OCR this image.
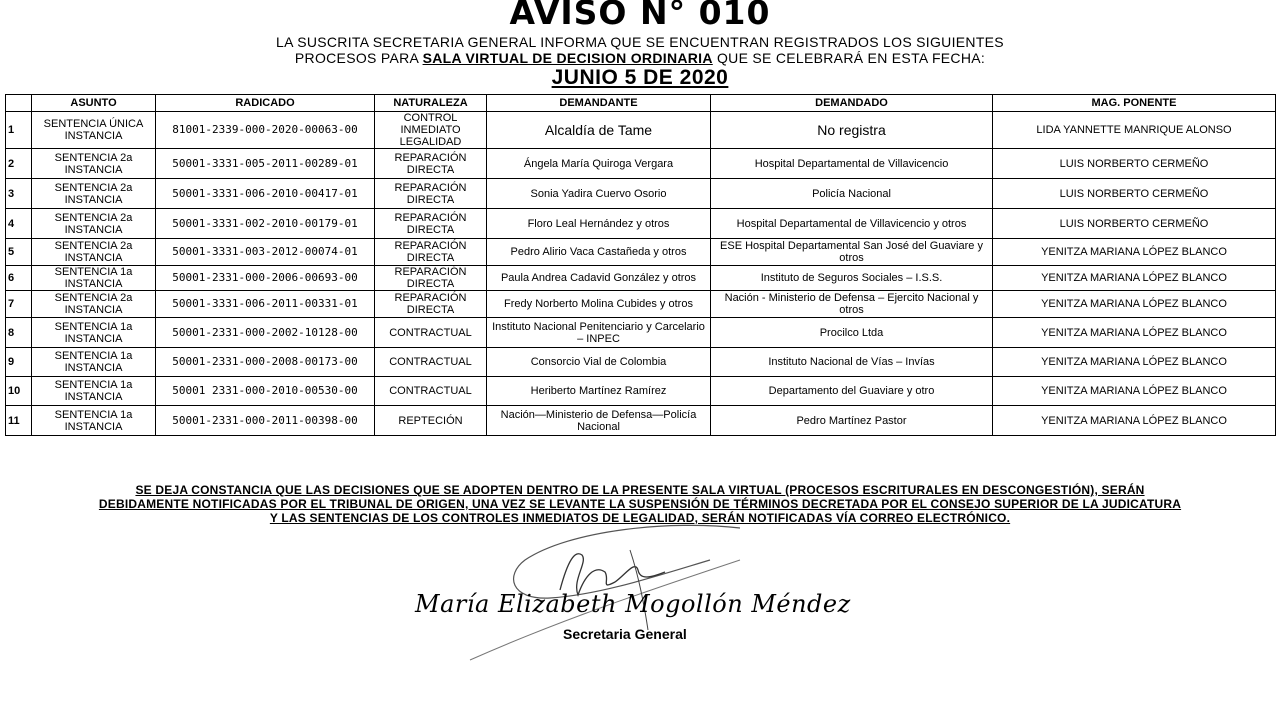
AVISO N° 010
LA SUSCRITA SECRETARIA GENERAL INFORMA QUE SE ENCUENTRAN REGISTRADOS LOS SIGUIENTES
PROCESOS PARA SALA VIRTUAL DE DECISION ORDINARIA QUE SE CELEBRARÁ EN ESTA FECHA:
JUNIO 5 DE 2020
	ASUNTO	RADICADO	NATURALEZA	DEMANDANTE	DEMANDADO	MAG. PONENTE
1	SENTENCIA ÚNICA INSTANCIA	81001-2339-000-2020-00063-00	CONTROL INMEDIATO LEGALIDAD	Alcaldía de Tame	No registra	LIDA YANNETTE MANRIQUE ALONSO
2	SENTENCIA 2a INSTANCIA	50001-3331-005-2011-00289-01	REPARACIÓN DIRECTA	Ángela María Quiroga Vergara	Hospital Departamental de Villavicencio	LUIS NORBERTO CERMEÑO
3	SENTENCIA 2a INSTANCIA	50001-3331-006-2010-00417-01	REPARACIÓN DIRECTA	Sonia Yadira Cuervo Osorio	Policía Nacional	LUIS NORBERTO CERMEÑO
4	SENTENCIA 2a INSTANCIA	50001-3331-002-2010-00179-01	REPARACIÓN DIRECTA	Floro Leal Hernández y otros	Hospital Departamental de Villavicencio y otros	LUIS NORBERTO CERMEÑO
5	SENTENCIA 2a INSTANCIA	50001-3331-003-2012-00074-01	REPARACIÓN DIRECTA	Pedro Alirio Vaca Castañeda y otros	ESE Hospital Departamental San José del Guaviare y otros	YENITZA MARIANA LÓPEZ BLANCO
6	SENTENCIA 1a INSTANCIA	50001-2331-000-2006-00693-00	REPARACIÓN DIRECTA	Paula Andrea Cadavid González y otros	Instituto de Seguros Sociales – I.S.S.	YENITZA MARIANA LÓPEZ BLANCO
7	SENTENCIA 2a INSTANCIA	50001-3331-006-2011-00331-01	REPARACIÓN DIRECTA	Fredy Norberto Molina Cubides y otros	Nación - Ministerio de Defensa – Ejercito Nacional y otros	YENITZA MARIANA LÓPEZ BLANCO
8	SENTENCIA 1a INSTANCIA	50001-2331-000-2002-10128-00	CONTRACTUAL	Instituto Nacional Penitenciario y Carcelario – INPEC	Procilco Ltda	YENITZA MARIANA LÓPEZ BLANCO
9	SENTENCIA 1a INSTANCIA	50001-2331-000-2008-00173-00	CONTRACTUAL	Consorcio Vial de Colombia	Instituto Nacional de Vías – Invías	YENITZA MARIANA LÓPEZ BLANCO
10	SENTENCIA 1a INSTANCIA	50001 2331-000-2010-00530-00	CONTRACTUAL	Heriberto Martínez Ramírez	Departamento del Guaviare y otro	YENITZA MARIANA LÓPEZ BLANCO
11	SENTENCIA 1a INSTANCIA	50001-2331-000-2011-00398-00	REPTECIÓN	Nación—Ministerio de Defensa—Policía Nacional	Pedro Martínez Pastor	YENITZA MARIANA LÓPEZ BLANCO
SE DEJA CONSTANCIA QUE LAS DECISIONES QUE SE ADOPTEN DENTRO DE LA PRESENTE SALA VIRTUAL (PROCESOS ESCRITURALES EN DESCONGESTIÓN), SERÁN
DEBIDAMENTE NOTIFICADAS POR EL TRIBUNAL DE ORIGEN, UNA VEZ SE LEVANTE LA SUSPENSIÓN DE TÉRMINOS DECRETADA POR EL CONSEJO SUPERIOR DE LA JUDICATURA
Y LAS SENTENCIAS DE LOS CONTROLES INMEDIATOS DE LEGALIDAD, SERÁN NOTIFICADAS VÍA CORREO ELECTRÓNICO.
María Elizabeth Mogollón Méndez
Secretaria General
